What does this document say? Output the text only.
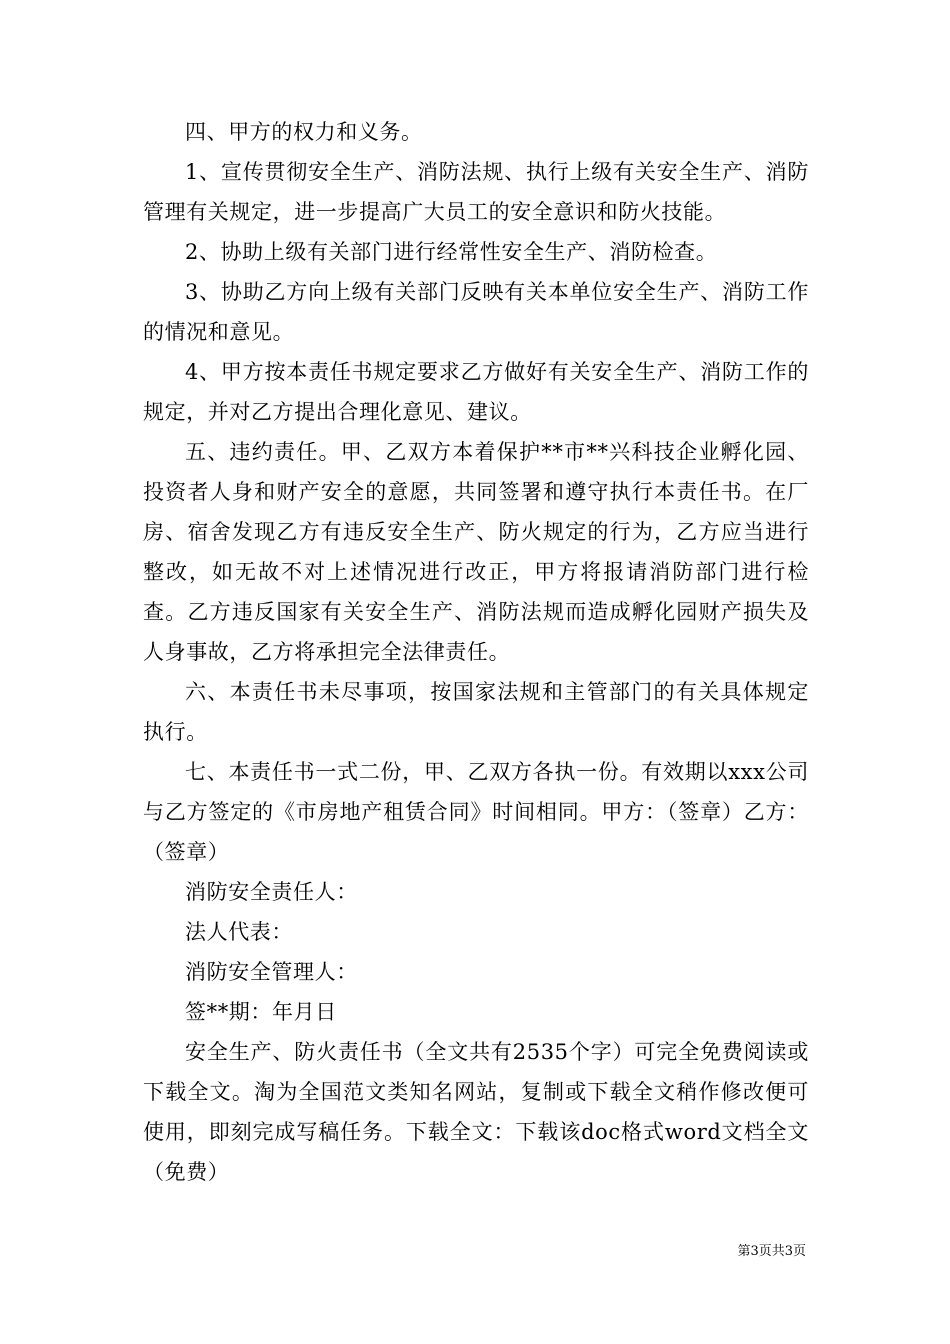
四、甲方的权力和义务。

1、宣传贯彻安全生产、消防法规、执行上级有关安全生产、消防管理有关规定，进一步提高广大员工的安全意识和防火技能。

2、协助上级有关部门进行经常性安全生产、消防检查。

3、协助乙方向上级有关部门反映有关本单位安全生产、消防工作的情况和意见。

4、甲方按本责任书规定要求乙方做好有关安全生产、消防工作的规定，并对乙方提出合理化意见、建议。

五、违约责任。甲、乙双方本着保护**市**兴科技企业孵化园、投资者人身和财产安全的意愿，共同签署和遵守执行本责任书。在厂房、宿舍发现乙方有违反安全生产、防火规定的行为，乙方应当进行整改，如无故不对上述情况进行改正，甲方将报请消防部门进行检查。乙方违反国家有关安全生产、消防法规而造成孵化园财产损失及人身事故，乙方将承担完全法律责任。

六、本责任书未尽事项，按国家法规和主管部门的有关具体规定执行。

七、本责任书一式二份，甲、乙双方各执一份。有效期以xxx公司与乙方签定的《市房地产租赁合同》时间相同。甲方：（签章）乙方：（签章）

消防安全责任人：

法人代表：

消防安全管理人：

签**期：年月日

安全生产、防火责任书（全文共有2535个字）可完全免费阅读或下载全文。淘为全国范文类知名网站，复制或下载全文稍作修改便可使用，即刻完成写稿任务。下载全文：下载该doc格式word文档全文（免费）

第3页共3页
